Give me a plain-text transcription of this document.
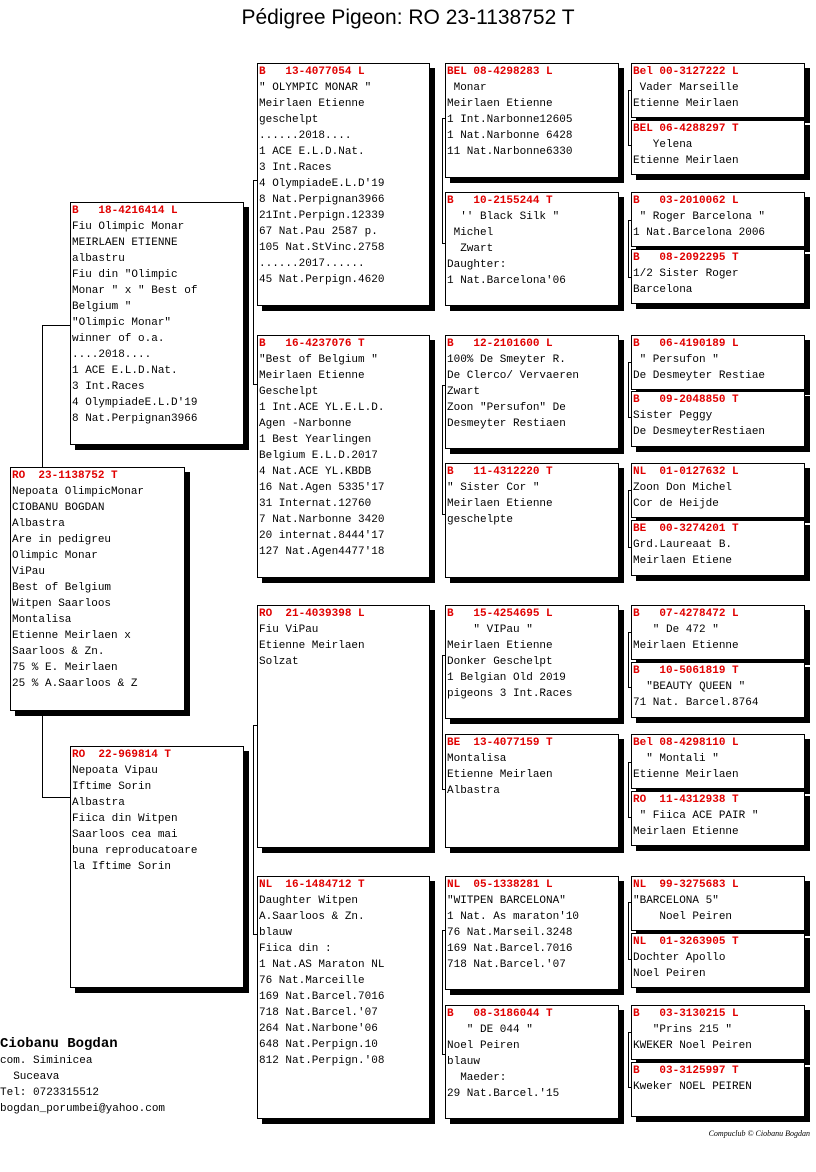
Pédigree Pigeon: RO 23-1138752 T
RO  23-1138752 T
Nepoata OlimpicMonar
CIOBANU BOGDAN
Albastra
Are in pedigreu
Olimpic Monar
ViPau
Best of Belgium
Witpen Saarloos
Montalisa
Etienne Meirlaen x
Saarloos & Zn.
75 % E. Meirlaen
25 % A.Saarloos & Z
B   18-4216414 L
Fiu Olimpic Monar
MEIRLAEN ETIENNE
albastru
Fiu din "Olimpic
Monar " x " Best of
Belgium "
"Olimpic Monar"
winner of o.a.
....2018....
1 ACE E.L.D.Nat.
3 Int.Races
4 OlympiadeE.L.D'19
8 Nat.Perpignan3966
RO  22-969814 T
Nepoata Vipau
Iftime Sorin
Albastra
Fiica din Witpen
Saarloos cea mai
buna reproducatoare
la Iftime Sorin
B   13-4077054 L
" OLYMPIC MONAR "
Meirlaen Etienne
geschelpt
......2018....
1 ACE E.L.D.Nat.
3 Int.Races
4 OlympiadeE.L.D'19
8 Nat.Perpignan3966
21Int.Perpign.12339
67 Nat.Pau 2587 p.
105 Nat.StVinc.2758
......2017......
45 Nat.Perpign.4620
B   16-4237076 T
"Best of Belgium "
Meirlaen Etienne
Geschelpt
1 Int.ACE YL.E.L.D.
Agen -Narbonne
1 Best Yearlingen
Belgium E.L.D.2017
4 Nat.ACE YL.KBDB
16 Nat.Agen 5335'17
31 Internat.12760
7 Nat.Narbonne 3420
20 internat.8444'17
127 Nat.Agen4477'18
RO  21-4039398 L
Fiu ViPau
Etienne Meirlaen
Solzat
NL  16-1484712 T
Daughter Witpen
A.Saarloos & Zn.
blauw
Fiica din :
1 Nat.AS Maraton NL
76 Nat.Marceille
169 Nat.Barcel.7016
718 Nat.Barcel.'07
264 Nat.Narbone'06
648 Nat.Perpign.10
812 Nat.Perpign.'08
BEL 08-4298283 L
Monar
Meirlaen Etienne
1 Int.Narbonne12605
1 Nat.Narbonne 6428
11 Nat.Narbonne6330
B   10-2155244 T
'' Black Silk "
Michel
Zwart
Daughter:
1 Nat.Barcelona'06
B   12-2101600 L
100% De Smeyter R.
De Clerco/ Vervaeren
Zwart
Zoon "Persufon" De
Desmeyter Restiaen
B   11-4312220 T
" Sister Cor "
Meirlaen Etienne
geschelpte
B   15-4254695 L
" VIPau "
Meirlaen Etienne
Donker Geschelpt
1 Belgian Old 2019
pigeons 3 Int.Races
BE  13-4077159 T
Montalisa
Etienne Meirlaen
Albastra
NL  05-1338281 L
"WITPEN BARCELONA"
1 Nat. As maraton'10
76 Nat.Marseil.3248
169 Nat.Barcel.7016
718 Nat.Barcel.'07
B   08-3186044 T
" DE 044 "
Noel Peiren
blauw
Maeder:
29 Nat.Barcel.'15
Bel 00-3127222 L
Vader Marseille
Etienne Meirlaen
BEL 06-4288297 T
Yelena
Etienne Meirlaen
B   03-2010062 L
" Roger Barcelona "
1 Nat.Barcelona 2006
B   08-2092295 T
1/2 Sister Roger
Barcelona
B   06-4190189 L
" Persufon "
De Desmeyter Restiae
B   09-2048850 T
Sister Peggy
De DesmeyterRestiaen
NL  01-0127632 L
Zoon Don Michel
Cor de Heijde
BE  00-3274201 T
Grd.Laureaat B.
Meirlaen Etiene
B   07-4278472 L
" De 472 "
Meirlaen Etienne
B   10-5061819 T
"BEAUTY QUEEN "
71 Nat. Barcel.8764
Bel 08-4298110 L
" Montali "
Etienne Meirlaen
RO  11-4312938 T
" Fiica ACE PAIR "
Meirlaen Etienne
NL  99-3275683 L
"BARCELONA 5"
Noel Peiren
NL  01-3263905 T
Dochter Apollo
Noel Peiren
B   03-3130215 L
"Prins 215 "
KWEKER Noel Peiren
B   03-3125997 T
Kweker NOEL PEIREN
Ciobanu Bogdan
com. Siminicea
Suceava
Tel: 0723315512
bogdan_porumbei@yahoo.com
Compuclub © Ciobanu Bogdan
